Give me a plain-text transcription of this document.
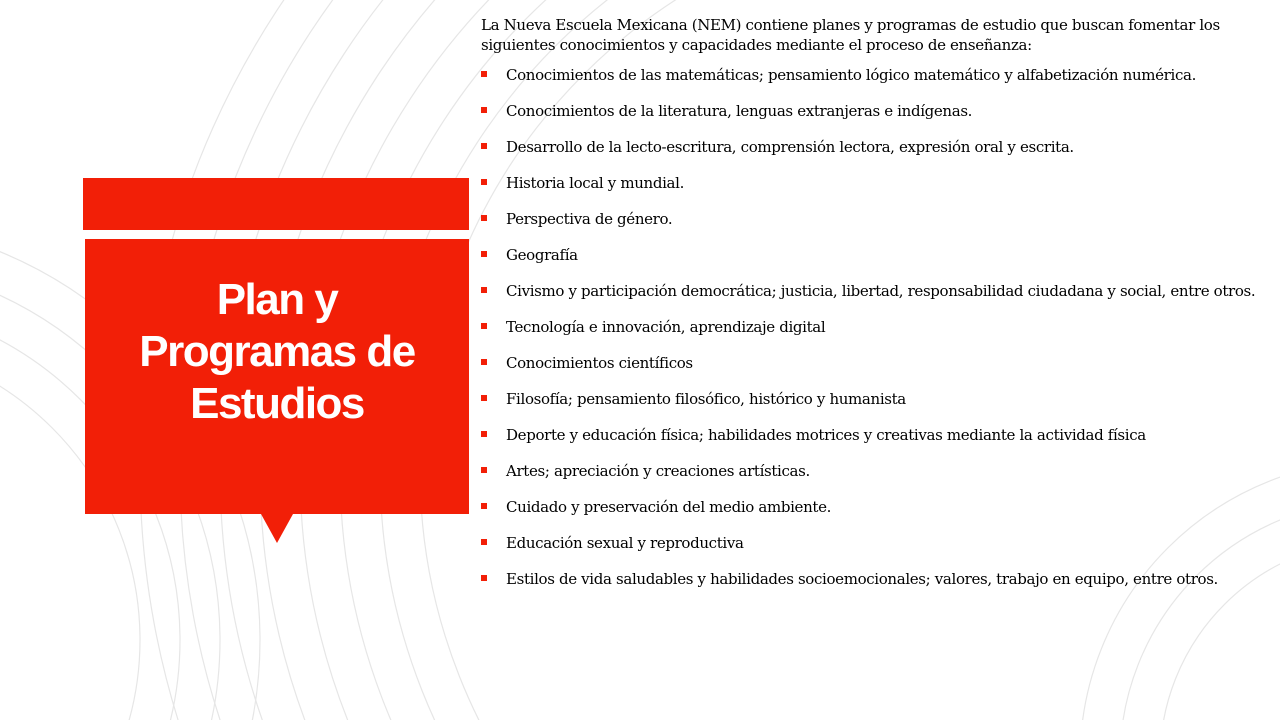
Plan y Programas de Estudios

La Nueva Escuela Mexicana (NEM) contiene planes y programas de estudio que buscan fomentar los siguientes conocimientos y capacidades mediante el proceso de enseñanza:

Conocimientos de las matemáticas; pensamiento lógico matemático y alfabetización numérica.
Conocimientos de la literatura, lenguas extranjeras e indígenas.
Desarrollo de la lecto-escritura, comprensión lectora, expresión oral y escrita.
Historia local y mundial.
Perspectiva de género.
Geografía
Civismo y participación democrática; justicia, libertad, responsabilidad ciudadana y social, entre otros.
Tecnología e innovación, aprendizaje digital
Conocimientos científicos
Filosofía; pensamiento filosófico, histórico y humanista
Deporte y educación física; habilidades motrices y creativas mediante la actividad física
Artes; apreciación y creaciones artísticas.
Cuidado y preservación del medio ambiente.
Educación sexual y reproductiva
Estilos de vida saludables y habilidades socioemocionales; valores, trabajo en equipo, entre otros.
